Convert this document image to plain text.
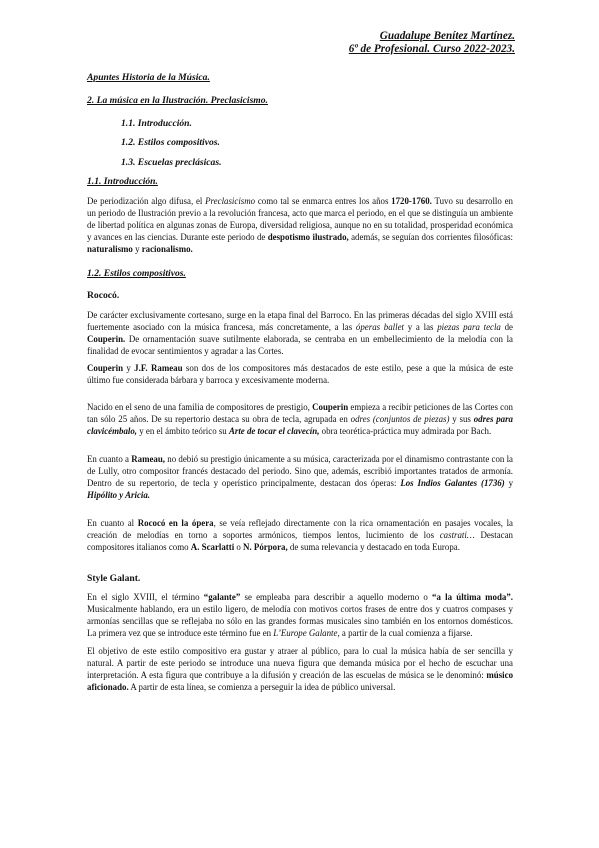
Guadalupe Benítez Martínez.
6º de Profesional. Curso 2022-2023.
Apuntes Historia de la Música.
2. La música en la Ilustración. Preclasicismo.
1.1. Introducción.
1.2. Estilos compositivos.
1.3. Escuelas preclásicas.
1.1. Introducción.
De periodización algo difusa, el Preclasicismo como tal se enmarca entres los años 1720-1760. Tuvo su desarrollo en un periodo de Ilustración previo a la revolución francesa, acto que marca el periodo, en el que se distinguía un ambiente de libertad política en algunas zonas de Europa, diversidad religiosa, aunque no en su totalidad, prosperidad económica y avances en las ciencias. Durante este periodo de despotismo ilustrado, además, se seguían dos corrientes filosóficas: naturalismo y racionalismo.
1.2. Estilos compositivos.
Rococó.
De carácter exclusivamente cortesano, surge en la etapa final del Barroco. En las primeras décadas del siglo XVIII está fuertemente asociado con la música francesa, más concretamente, a las óperas ballet y a las piezas para tecla de Couperin. De ornamentación suave sutilmente elaborada, se centraba en un embellecimiento de la melodía con la finalidad de evocar sentimientos y agradar a las Cortes.
Couperin y J.F. Rameau son dos de los compositores más destacados de este estilo, pese a que la música de este último fue considerada bárbara y barroca y excesivamente moderna.
Nacido en el seno de una familia de compositores de prestigio, Couperin empieza a recibir peticiones de las Cortes con tan sólo 25 años. De su repertorio destaca su obra de tecla, agrupada en odres (conjuntos de piezas) y sus odres para clavicémbalo, y en el ámbito teórico su Arte de tocar el clavecín, obra teorética-práctica muy admirada por Bach.
En cuanto a Rameau, no debió su prestigio únicamente a su música, caracterizada por el dinamismo contrastante con la de Lully, otro compositor francés destacado del periodo. Sino que, además, escribió importantes tratados de armonía. Dentro de su repertorio, de tecla y operístico principalmente, destacan dos óperas: Los Indios Galantes (1736) y Hipólito y Aricia.
En cuanto al Rococó en la ópera, se veía reflejado directamente con la rica ornamentación en pasajes vocales, la creación de melodías en torno a soportes armónicos, tiempos lentos, lucimiento de los castrati… Destacan compositores italianos como A. Scarlatti o N. Pórpora, de suma relevancia y destacado en toda Europa.
Style Galant.
En el siglo XVIII, el término “galante” se empleaba para describir a aquello moderno o “a la última moda”. Musicalmente hablando, era un estilo ligero, de melodía con motivos cortos frases de entre dos y cuatros compases y armonías sencillas que se reflejaba no sólo en las grandes formas musicales sino también en los entornos domésticos. La primera vez que se introduce este término fue en L’Europe Galante, a partir de la cual comienza a fijarse.
El objetivo de este estilo compositivo era gustar y atraer al público, para lo cual la música había de ser sencilla y natural. A partir de este periodo se introduce una nueva figura que demanda música por el hecho de escuchar una interpretación. A esta figura que contribuye a la difusión y creación de las escuelas de música se le denominó: músico aficionado. A partir de esta línea, se comienza a perseguir la idea de público universal.
